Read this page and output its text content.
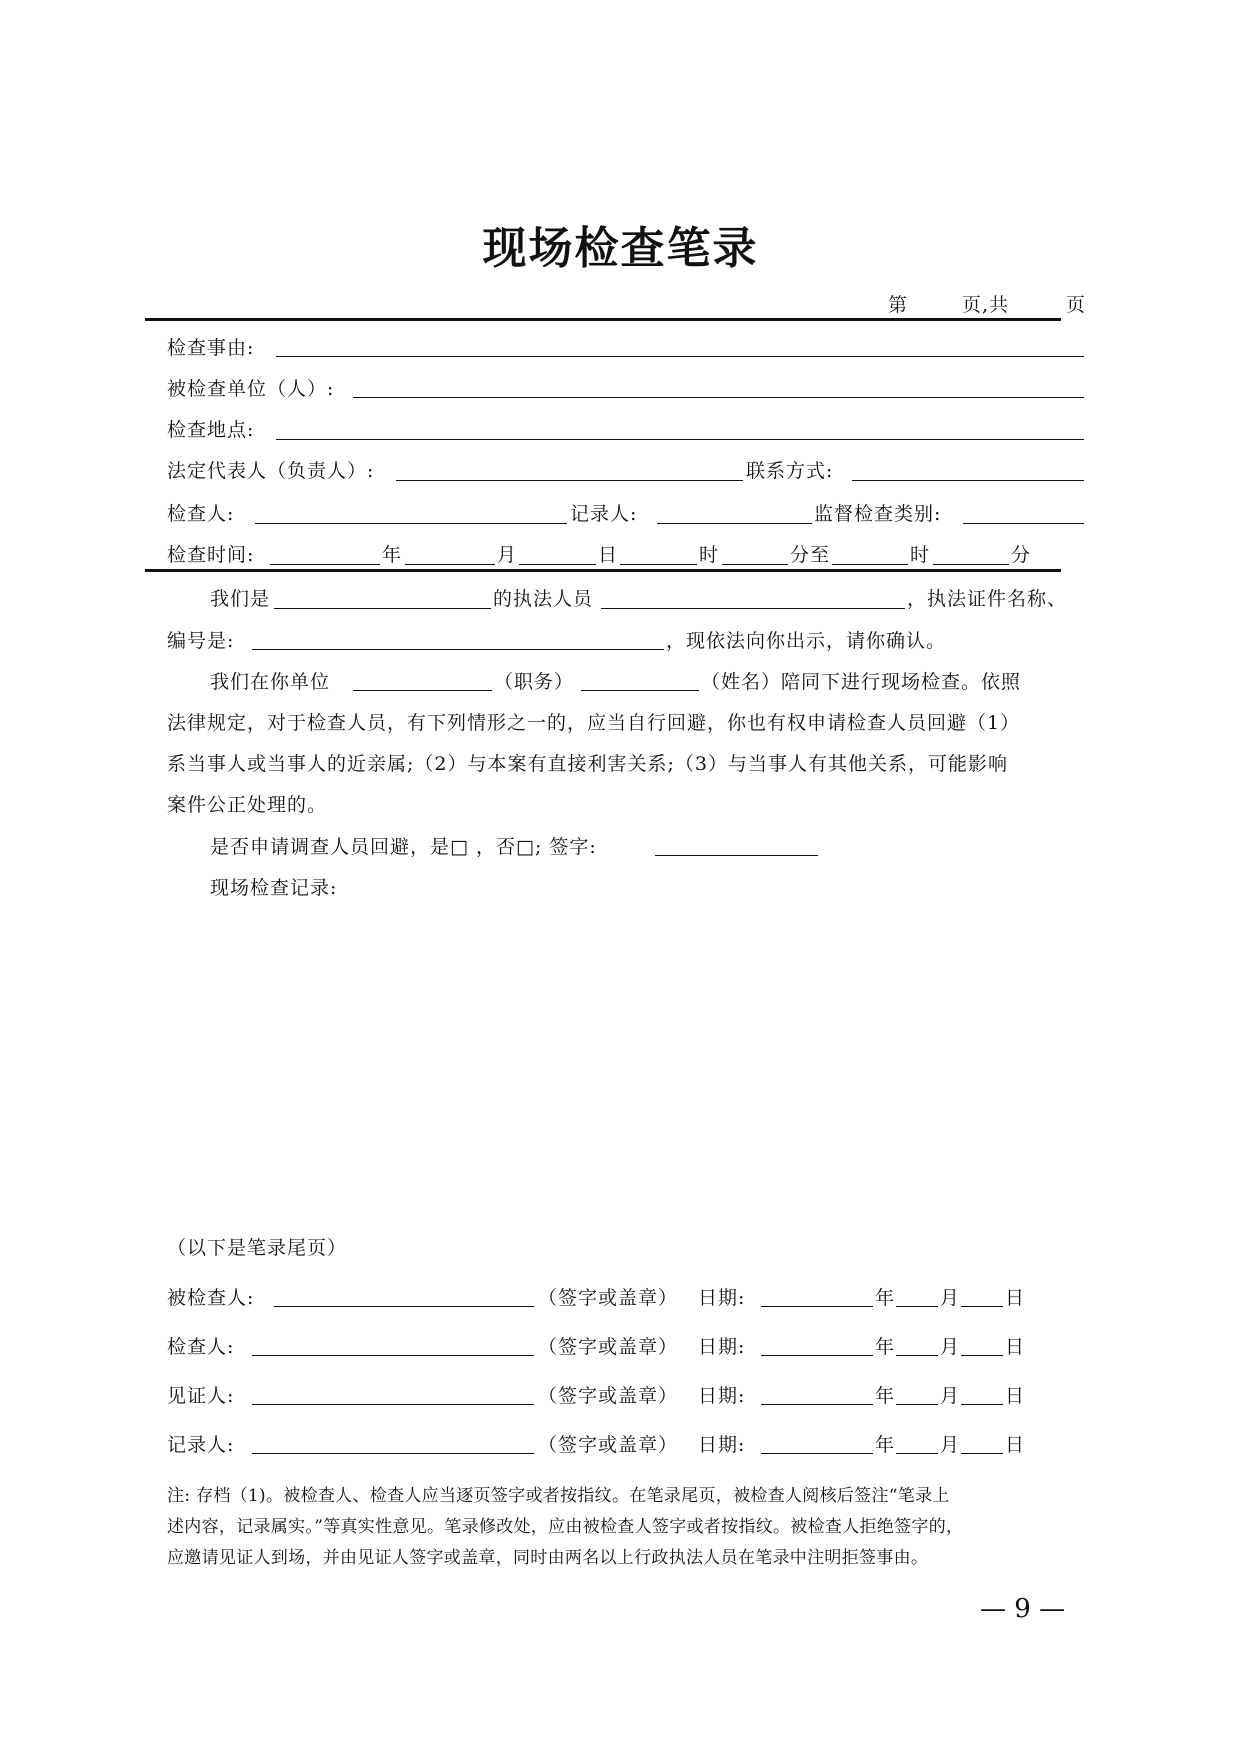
现场检查笔录
第	页,共	页
检查事由:
被检查单位（人）:
检查地点:
法定代表人（负责人）:	联系方式:
检查人:	记录人:	监督检查类别:
检查时间:	年	月	日	时	分至	时	分
我们是	的执法人员	，执法证件名称、
编号是:	，现依法向你出示，请你确认。
我们在你单位	（职务）	（姓名）陪同下进行现场检查。依照
法律规定，对于检查人员，有下列情形之一的，应当自行回避，你也有权申请检查人员回避（1）
系当事人或当事人的近亲属;（2）与本案有直接利害关系;（3）与当事人有其他关系，可能影响
案件公正处理的。
是否申请调查人员回避，是□ ，否□; 签字:
现场检查记录:
（以下是笔录尾页）
被检查人:	（签字或盖章） 日期:	年 月 日
检查人:	（签字或盖章） 日期:	年 月 日
见证人:	（签字或盖章） 日期:	年 月 日
记录人:	（签字或盖章） 日期:	年 月 日
注: 存档（1)。被检查人、检查人应当逐页签字或者按指纹。在笔录尾页，被检查人阅核后签注“笔录上
述内容，记录属实。”等真实性意见。笔录修改处，应由被检查人签字或者按指纹。被检查人拒绝签字的，
应邀请见证人到场，并由见证人签字或盖章，同时由两名以上行政执法人员在笔录中注明拒签事由。
— 9 —
